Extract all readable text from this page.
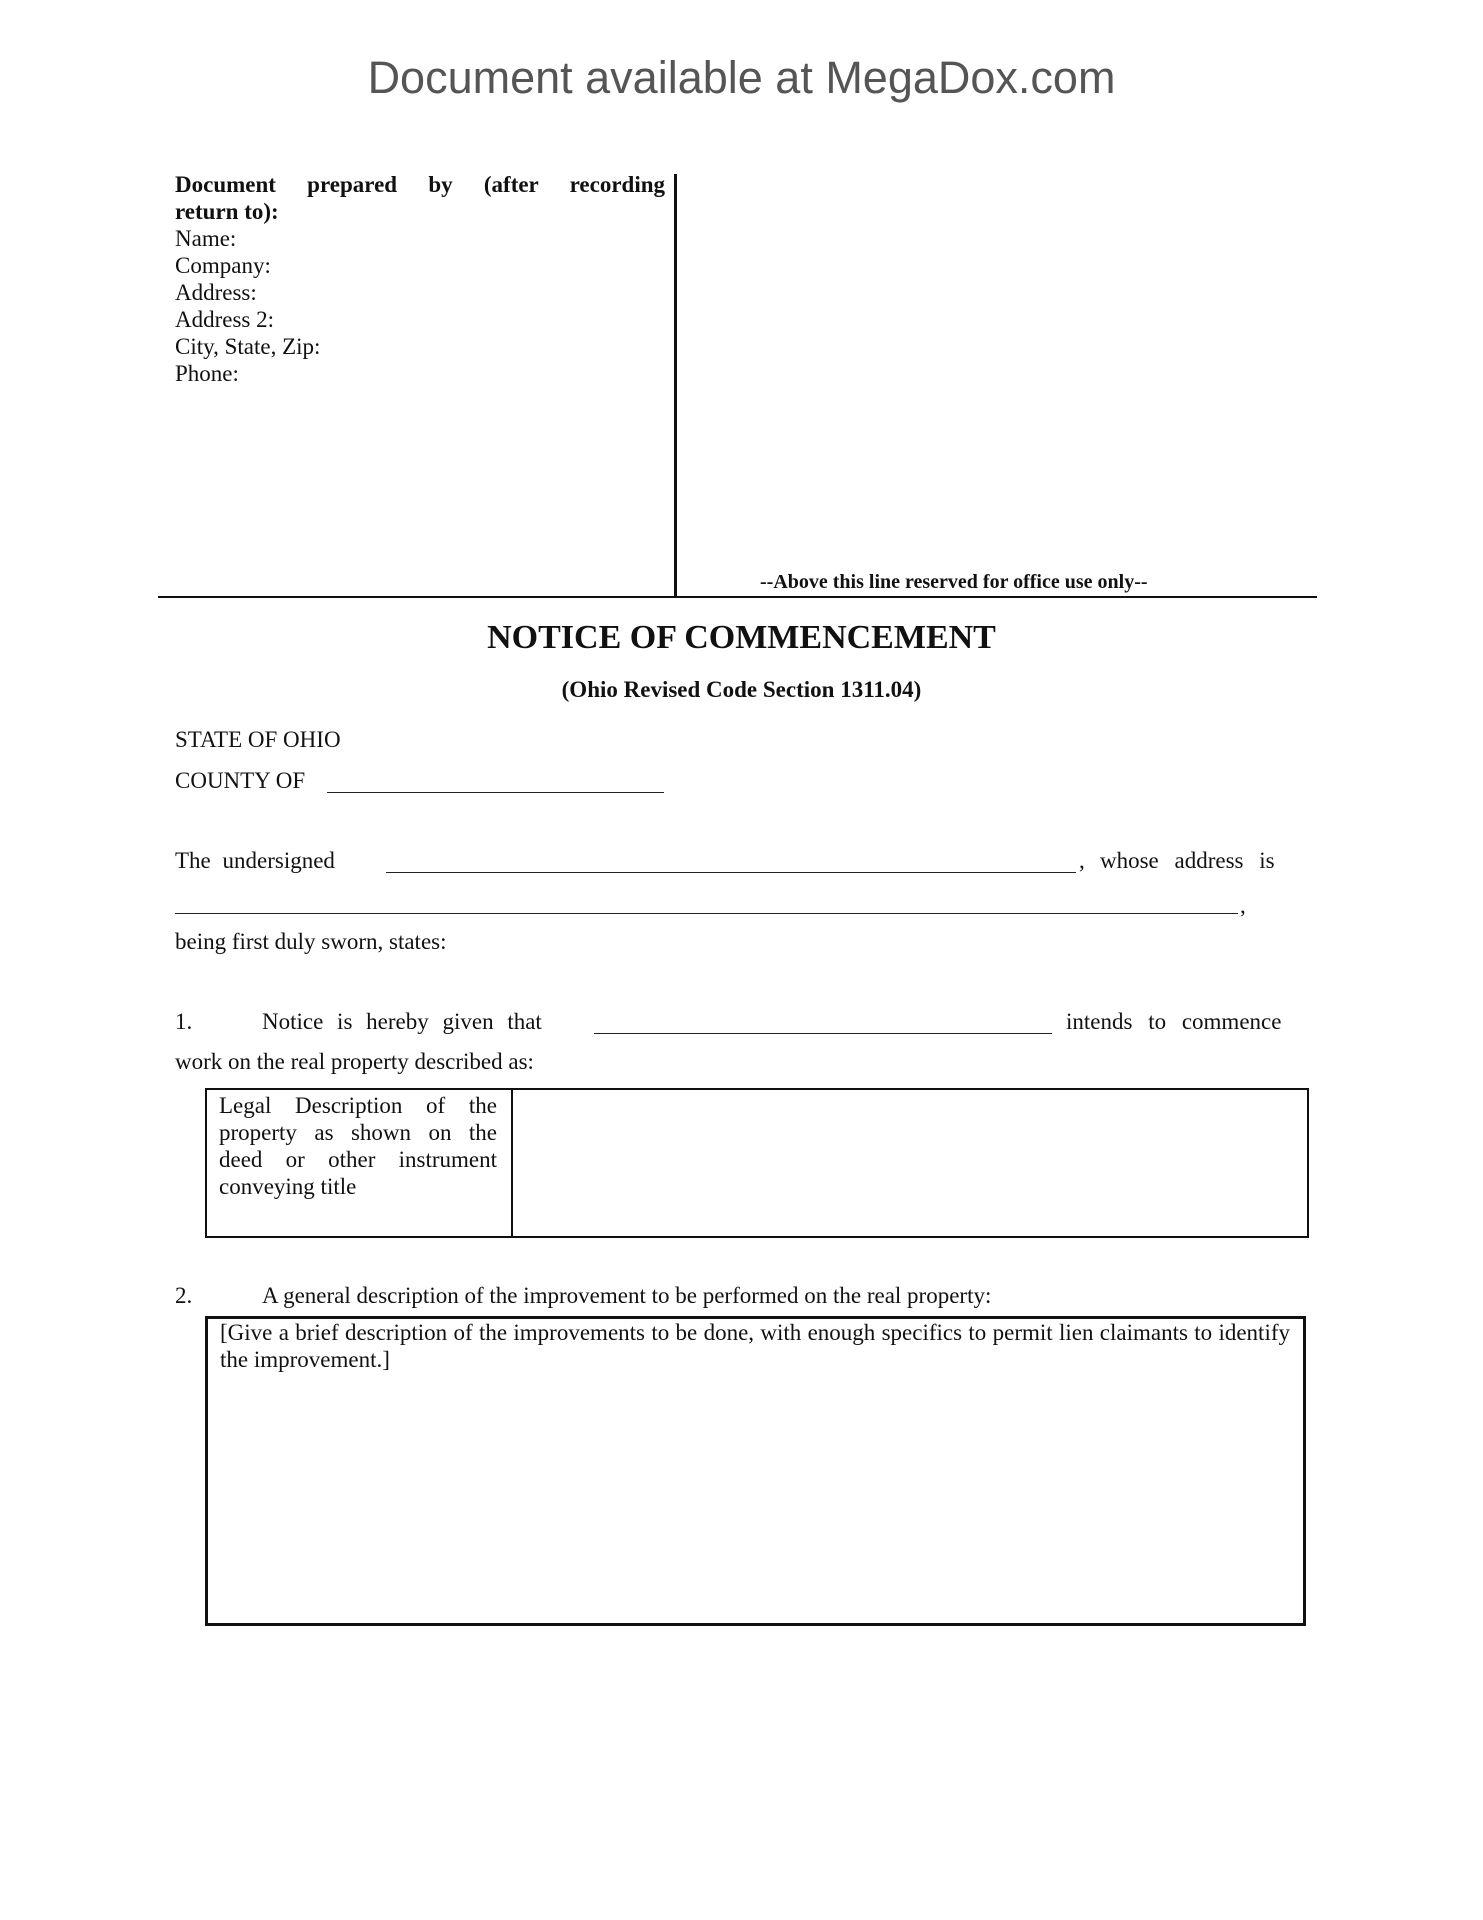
Document available at MegaDox.com
Document prepared by (after recording
return to):
Name:
Company:
Address:
Address 2:
City, State, Zip:
Phone:
--Above this line reserved for office use only--
NOTICE OF COMMENCEMENT
(Ohio Revised Code Section 1311.04)
STATE OF OHIO
COUNTY OF
The undersigned	, whose address is
,
being first duly sworn, states:
1.	Notice is hereby given that	intends to commence
work on the real property described as:
Legal Description of the property as shown on the deed or other instrument conveying title
2.	A general description of the improvement to be performed on the real property:
[Give a brief description of the improvements to be done, with enough specifics to permit lien claimants to identify the improvement.]
